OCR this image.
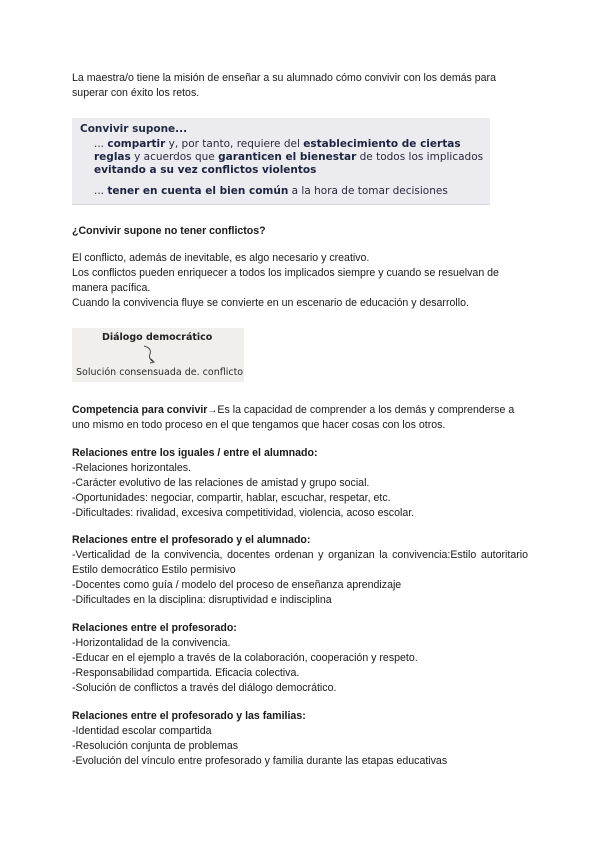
La maestra/o tiene la misión de enseñar a su alumnado cómo convivir con los demás para superar con éxito los retos.

Convivir supone...
... compartir y, por tanto, requiere del establecimiento de ciertas
reglas y acuerdos que garanticen el bienestar de todos los implicados
evitando a su vez conflictos violentos
... tener en cuenta el bien común a la hora de tomar decisiones

¿Convivir supone no tener conflictos?

El conflicto, además de inevitable, es algo necesario y creativo.

Los conflictos pueden enriquecer a todos los implicados siempre y cuando se resuelvan de manera pacífica.

Cuando la convivencia fluye se convierte en un escenario de educación y desarrollo.

Diálogo democrático
Solución consensuada de. conflicto

Competencia para convivir→Es la capacidad de comprender a los demás y comprenderse a uno mismo en todo proceso en el que tengamos que hacer cosas con los otros.

Relaciones entre los iguales / entre el alumnado:

-Relaciones horizontales.

-Carácter evolutivo de las relaciones de amistad y grupo social.

-Oportunidades: negociar, compartir, hablar, escuchar, respetar, etc.

-Dificultades: rivalidad, excesiva competitividad, violencia, acoso escolar.

Relaciones entre el profesorado y el alumnado:

-Verticalidad de la convivencia, docentes ordenan y organizan la convivencia:Estilo autoritario Estilo democrático Estilo permisivo

-Docentes como guía / modelo del proceso de enseñanza aprendizaje

-Dificultades en la disciplina: disruptividad e indisciplina

Relaciones entre el profesorado:

-Horizontalidad de la convivencia.

-Educar en el ejemplo a través de la colaboración, cooperación y respeto.

-Responsabilidad compartida. Eficacia colectiva.

-Solución de conflictos a través del diálogo democrático.

Relaciones entre el profesorado y las familias:

-Identidad escolar compartida

-Resolución conjunta de problemas

-Evolución del vínculo entre profesorado y familia durante las etapas educativas
